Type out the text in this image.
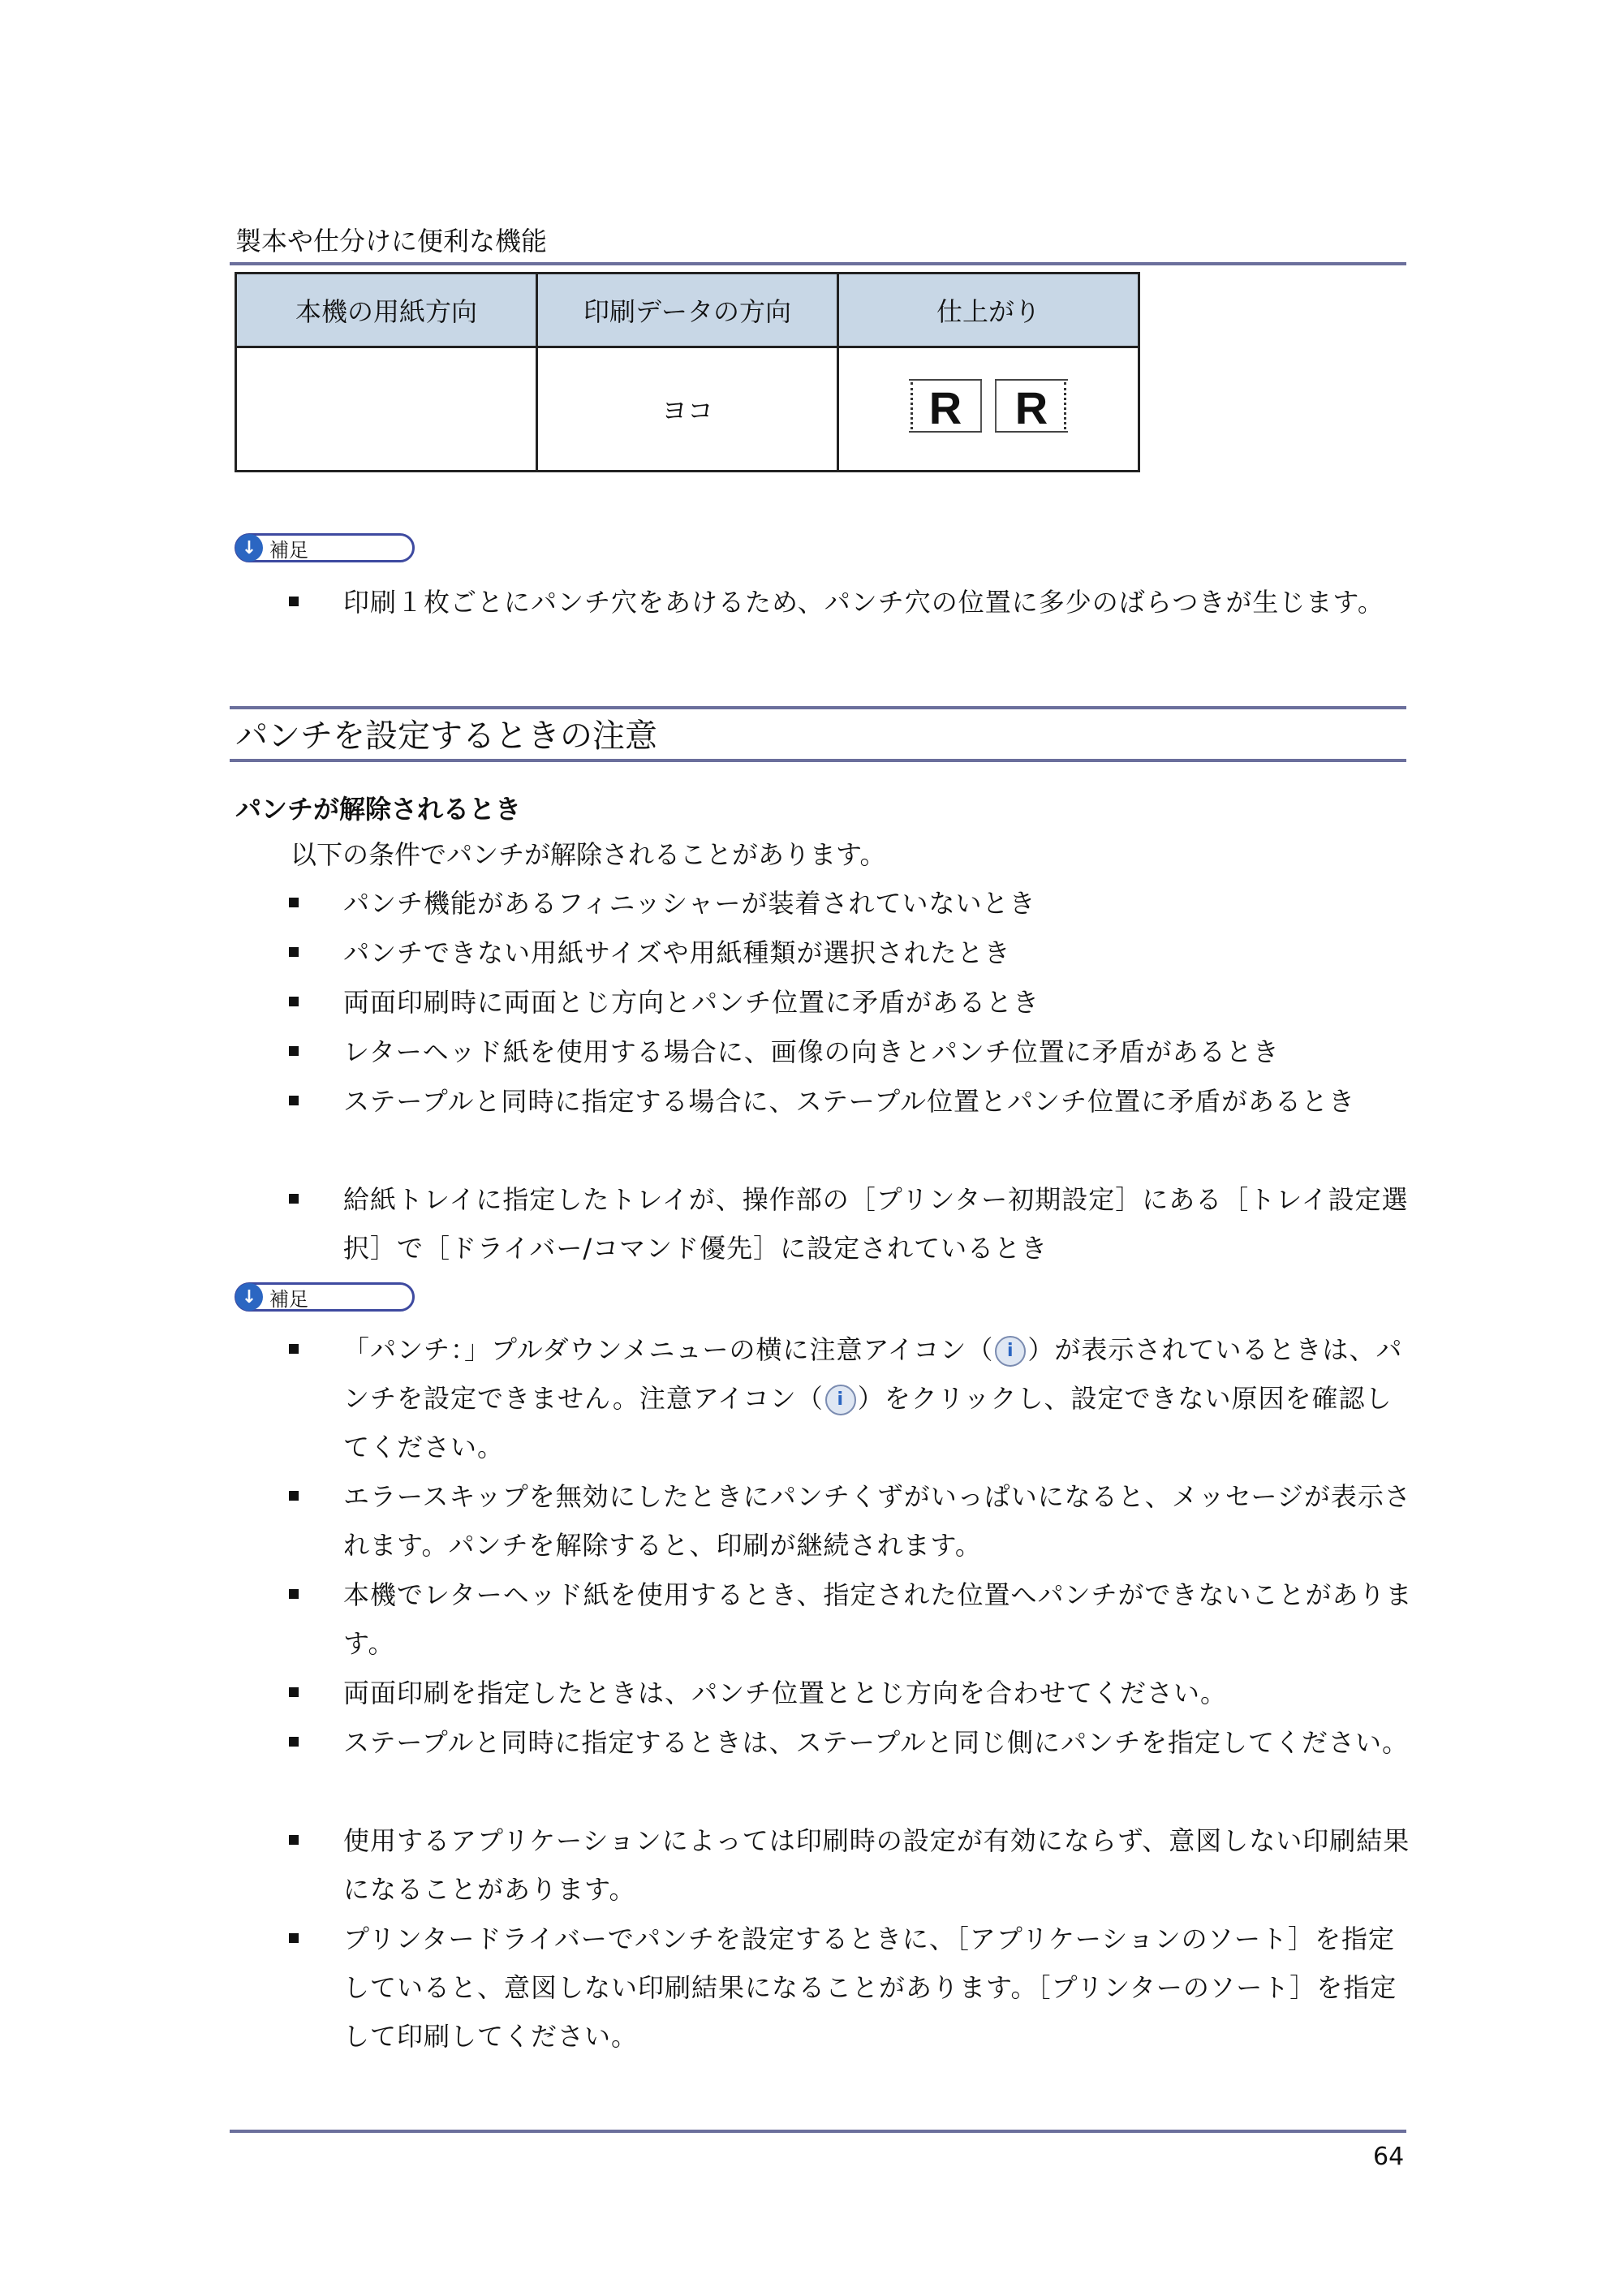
製本や仕分けに便利な機能
本機の用紙方向	印刷データの方向	仕上がり
	ヨコ	R R
↓ 補足
印刷１枚ごとにパンチ穴をあけるため、パンチ穴の位置に多少のばらつきが生じます。
パンチを設定するときの注意
パンチが解除されるとき
以下の条件でパンチが解除されることがあります。
パンチ機能があるフィニッシャーが装着されていないとき
パンチできない用紙サイズや用紙種類が選択されたとき
両面印刷時に両面とじ方向とパンチ位置に矛盾があるとき
レターヘッド紙を使用する場合に、画像の向きとパンチ位置に矛盾があるとき
ステープルと同時に指定する場合に、ステープル位置とパンチ位置に矛盾があるとき
給紙トレイに指定したトレイが、操作部の［プリンター初期設定］にある［トレイ設定選択］で［ドライバー/コマンド優先］に設定されているとき
↓ 補足
「パンチ：」プルダウンメニューの横に注意アイコン（ i ）が表示されているときは、パンチを設定できません。注意アイコン（ i ）をクリックし、設定できない原因を確認してください。
エラースキップを無効にしたときにパンチくずがいっぱいになると、メッセージが表示されます。パンチを解除すると、印刷が継続されます。
本機でレターヘッド紙を使用するとき、指定された位置へパンチができないことがあります。
両面印刷を指定したときは、パンチ位置ととじ方向を合わせてください。
ステープルと同時に指定するときは、ステープルと同じ側にパンチを指定してください。
使用するアプリケーションによっては印刷時の設定が有効にならず、意図しない印刷結果になることがあります。
プリンタードライバーでパンチを設定するときに、［アプリケーションのソート］を指定していると、意図しない印刷結果になることがあります。［プリンターのソート］を指定して印刷してください。
64
